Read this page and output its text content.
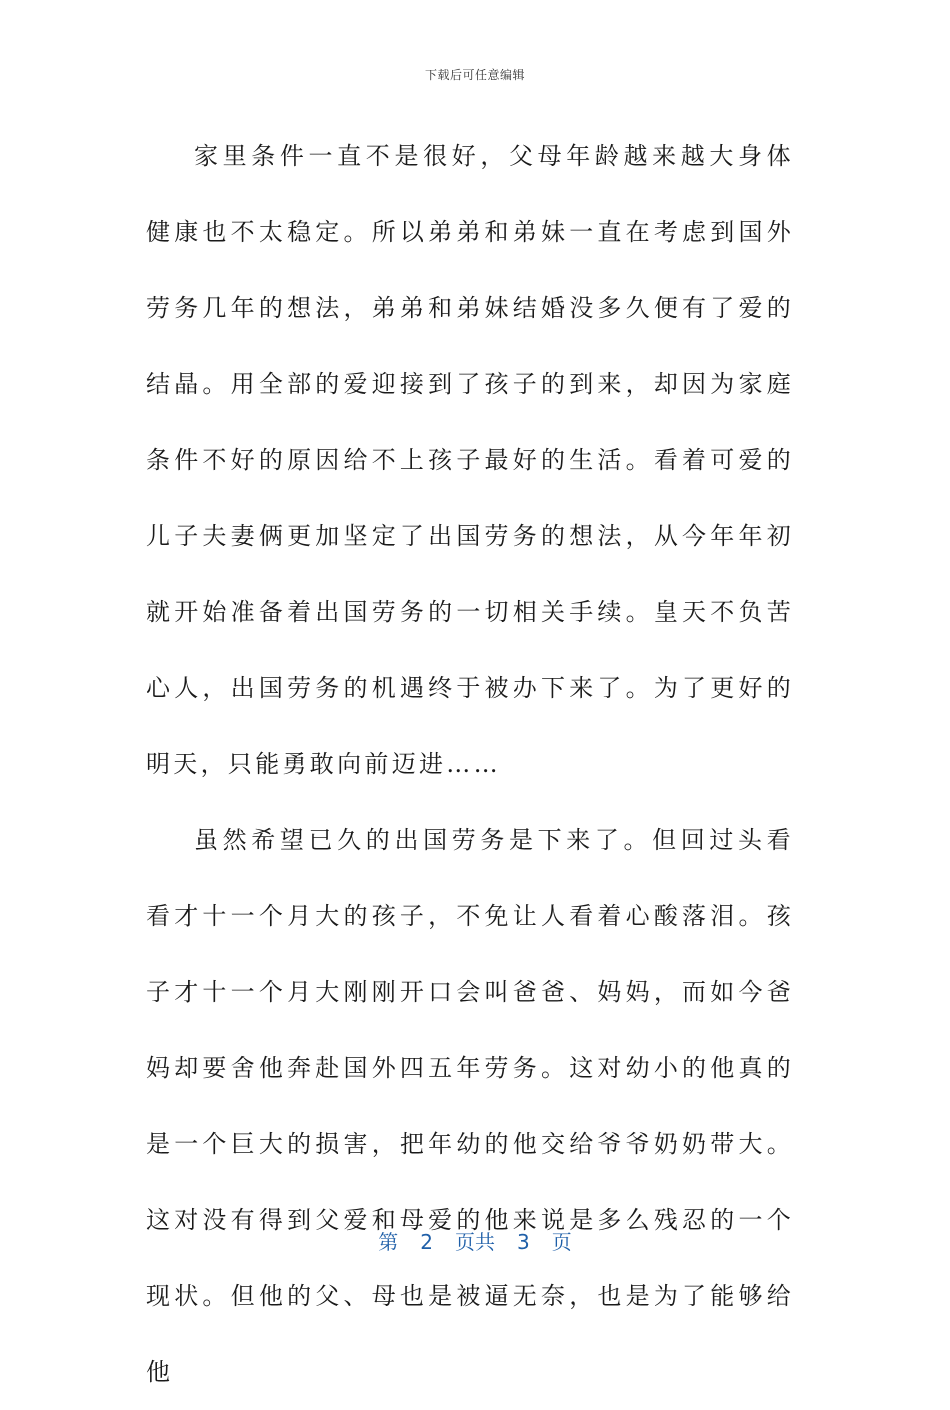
下载后可任意编辑

家里条件一直不是很好，父母年龄越来越大身体健康也不太稳定。所以弟弟和弟妹一直在考虑到国外劳务几年的想法，弟弟和弟妹结婚没多久便有了爱的结晶。用全部的爱迎接到了孩子的到来，却因为家庭条件不好的原因给不上孩子最好的生活。看着可爱的儿子夫妻俩更加坚定了出国劳务的想法，从今年年初就开始准备着出国劳务的一切相关手续。皇天不负苦心人，出国劳务的机遇终于被办下来了。为了更好的明天，只能勇敢向前迈进……

虽然希望已久的出国劳务是下来了。但回过头看看才十一个月大的孩子，不免让人看着心酸落泪。孩子才十一个月大刚刚开口会叫爸爸、妈妈，而如今爸妈却要舍他奔赴国外四五年劳务。这对幼小的他真的是一个巨大的损害，把年幼的他交给爷爷奶奶带大。这对没有得到父爱和母爱的他来说是多么残忍的一个现状。但他的父、母也是被逼无奈，也是为了能够给他

第 2 页共 3 页
